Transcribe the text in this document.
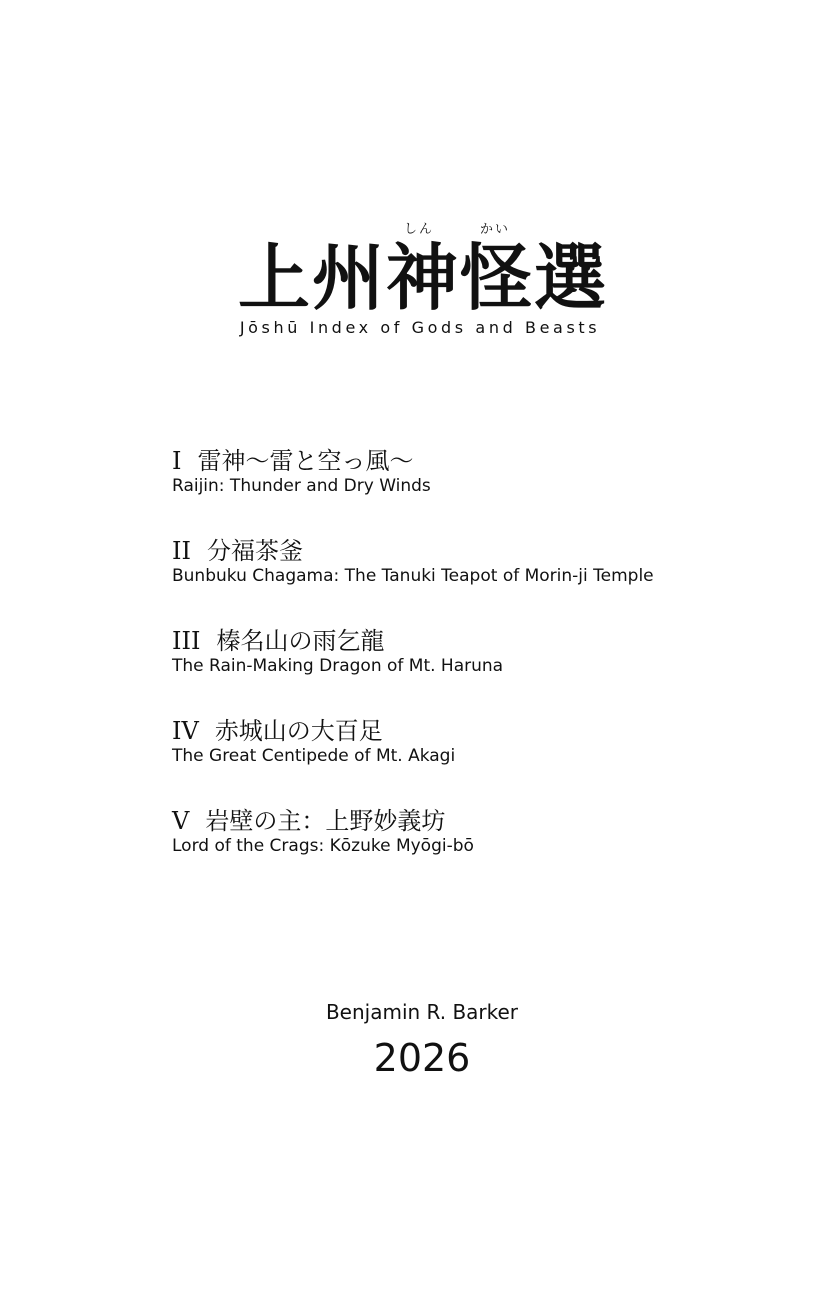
しん	かい
上州神怪選
Jōshū Index of Gods and Beasts
I 雷神〜雷と空っ風〜
Raijin: Thunder and Dry Winds
II 分福茶釜
Bunbuku Chagama: The Tanuki Teapot of Morin-ji Temple
III 榛名山の雨乞龍
The Rain-Making Dragon of Mt. Haruna
IV 赤城山の大百足
The Great Centipede of Mt. Akagi
V 岩壁の主：上野妙義坊
Lord of the Crags: Kōzuke Myōgi-bō
Benjamin R. Barker
2026
